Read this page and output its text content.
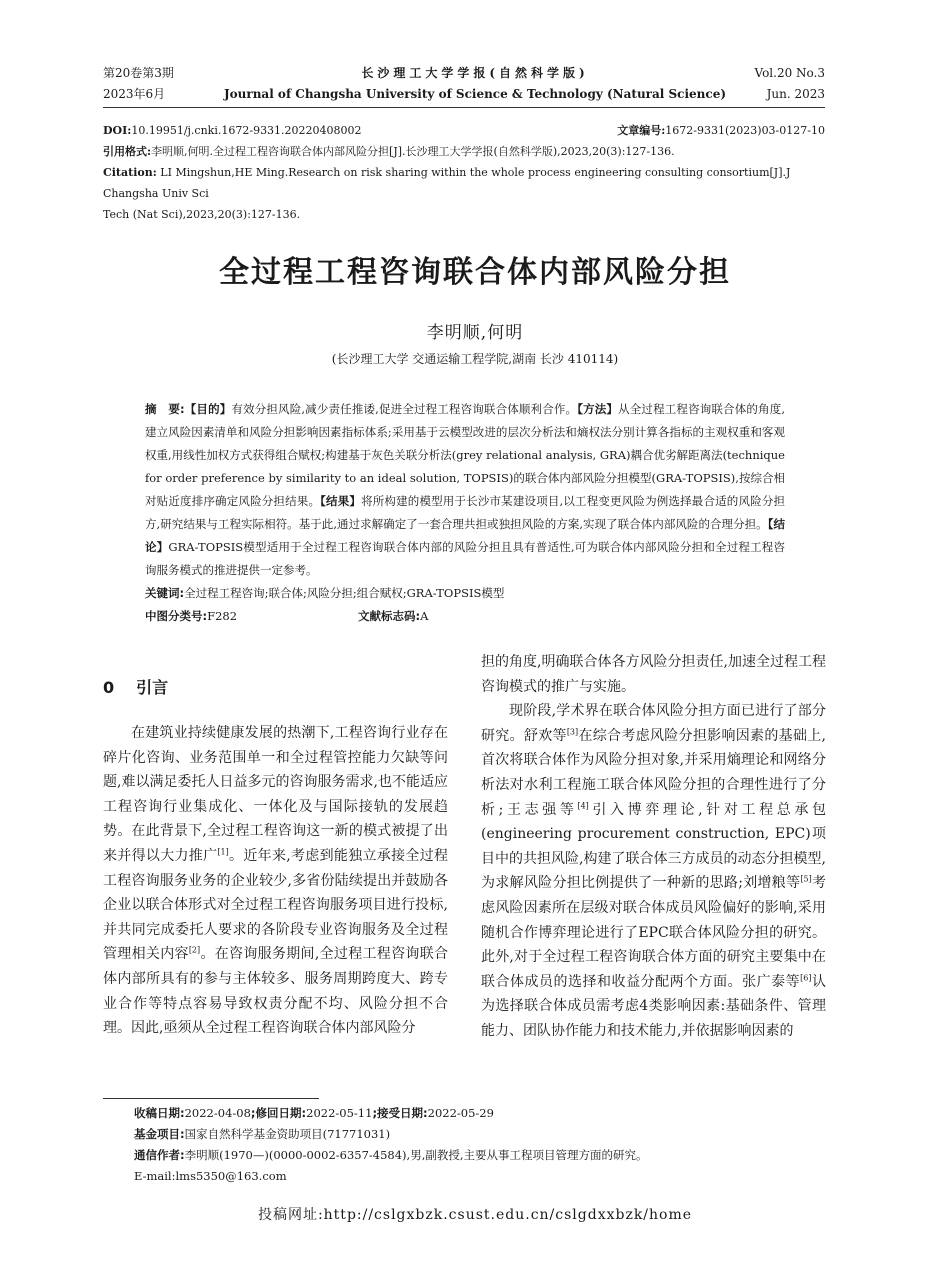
第20卷第3期
2023年6月
长沙理工大学学报(自然科学版)
Journal of Changsha University of Science & Technology (Natural Science)
Vol.20 No.3
Jun. 2023
DOI:10.19951/j.cnki.1672-9331.20220408002	文章编号:1672-9331(2023)03-0127-10
引用格式:李明顺,何明.全过程工程咨询联合体内部风险分担[J].长沙理工大学学报(自然科学版),2023,20(3):127-136.
Citation: LI Mingshun,HE Ming.Research on risk sharing within the whole process engineering consulting consortium[J].J Changsha Univ Sci
Tech (Nat Sci),2023,20(3):127-136.
全过程工程咨询联合体内部风险分担
李明顺,何明
(长沙理工大学 交通运输工程学院,湖南 长沙 410114)

摘　要:【目的】有效分担风险,减少责任推诿,促进全过程工程咨询联合体顺利合作。【方法】从全过程工程咨询联合体的角度,建立风险因素清单和风险分担影响因素指标体系;采用基于云模型改进的层次分析法和熵权法分别计算各指标的主观权重和客观权重,用线性加权方式获得组合赋权;构建基于灰色关联分析法(grey relational analysis, GRA)耦合优劣解距离法(technique for order preference by similarity to an ideal solution, TOPSIS)的联合体内部风险分担模型(GRA-TOPSIS),按综合相对贴近度排序确定风险分担结果。【结果】将所构建的模型用于长沙市某建设项目,以工程变更风险为例选择最合适的风险分担方,研究结果与工程实际相符。基于此,通过求解确定了一套合理共担或独担风险的方案,实现了联合体内部风险的合理分担。【结论】GRA-TOPSIS模型适用于全过程工程咨询联合体内部的风险分担且具有普适性,可为联合体内部风险分担和全过程工程咨询服务模式的推进提供一定参考。

关键词:全过程工程咨询;联合体;风险分担;组合赋权;GRA-TOPSIS模型

中图分类号:F282	文献标志码:A

0 引言

在建筑业持续健康发展的热潮下,工程咨询行业存在碎片化咨询、业务范围单一和全过程管控能力欠缺等问题,难以满足委托人日益多元的咨询服务需求,也不能适应工程咨询行业集成化、一体化及与国际接轨的发展趋势。在此背景下,全过程工程咨询这一新的模式被提了出来并得以大力推广[1]。近年来,考虑到能独立承接全过程工程咨询服务业务的企业较少,多省份陆续提出并鼓励各企业以联合体形式对全过程工程咨询服务项目进行投标,并共同完成委托人要求的各阶段专业咨询服务及全过程管理相关内容[2]。在咨询服务期间,全过程工程咨询联合体内部所具有的参与主体较多、服务周期跨度大、跨专业合作等特点容易导致权责分配不均、风险分担不合理。因此,亟须从全过程工程咨询联合体内部风险分

担的角度,明确联合体各方风险分担责任,加速全过程工程咨询模式的推广与实施。

现阶段,学术界在联合体风险分担方面已进行了部分研究。舒欢等[3]在综合考虑风险分担影响因素的基础上,首次将联合体作为风险分担对象,并采用熵理论和网络分析法对水利工程施工联合体风险分担的合理性进行了分析;王志强等[4]引入博弈理论,针对工程总承包(engineering procurement construction, EPC)项目中的共担风险,构建了联合体三方成员的动态分担模型,为求解风险分担比例提供了一种新的思路;刘增粮等[5]考虑风险因素所在层级对联合体成员风险偏好的影响,采用随机合作博弈理论进行了EPC联合体风险分担的研究。此外,对于全过程工程咨询联合体方面的研究主要集中在联合体成员的选择和收益分配两个方面。张广泰等[6]认为选择联合体成员需考虑4类影响因素:基础条件、管理能力、团队协作能力和技术能力,并依据影响因素的

收稿日期:2022-04-08;修回日期:2022-05-11;接受日期:2022-05-29
基金项目:国家自然科学基金资助项目(71771031)
通信作者:李明顺(1970—)(0000-0002-6357-4584),男,副教授,主要从事工程项目管理方面的研究。
E-mail:lms5350@163.com
投稿网址:http://cslgxbzk.csust.edu.cn/cslgdxxbzk/home
